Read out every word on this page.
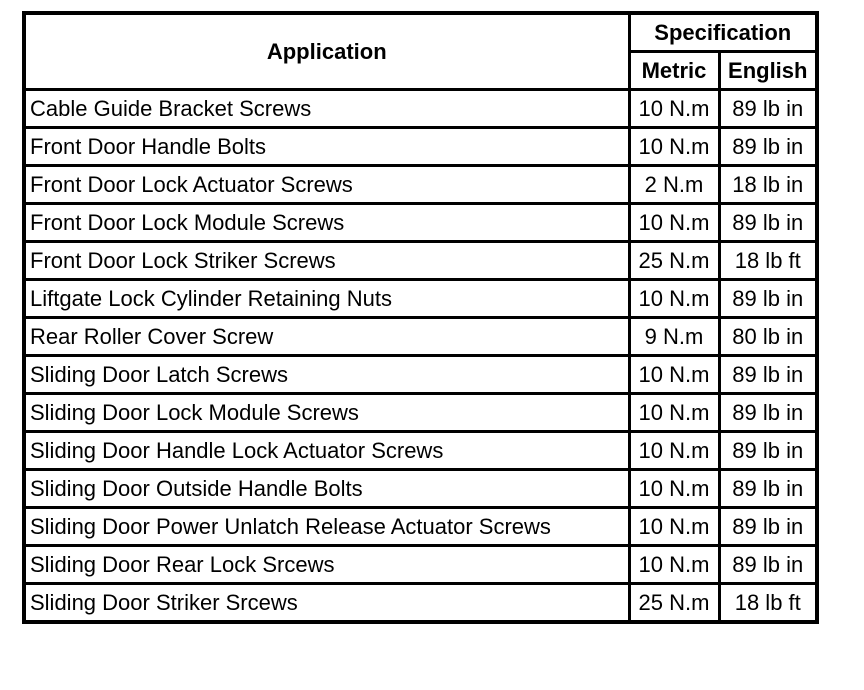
Application	Specification	
	Metric	English
Cable Guide Bracket Screws	10 N.m	89 lb in
Front Door Handle Bolts	10 N.m	89 lb in
Front Door Lock Actuator Screws	2 N.m	18 lb in
Front Door Lock Module Screws	10 N.m	89 lb in
Front Door Lock Striker Screws	25 N.m	18 lb ft
Liftgate Lock Cylinder Retaining Nuts	10 N.m	89 lb in
Rear Roller Cover Screw	9 N.m	80 lb in
Sliding Door Latch Screws	10 N.m	89 lb in
Sliding Door Lock Module Screws	10 N.m	89 lb in
Sliding Door Handle Lock Actuator Screws	10 N.m	89 lb in
Sliding Door Outside Handle Bolts	10 N.m	89 lb in
Sliding Door Power Unlatch Release Actuator Screws	10 N.m	89 lb in
Sliding Door Rear Lock Srcews	10 N.m	89 lb in
Sliding Door Striker Srcews	25 N.m	18 lb ft
